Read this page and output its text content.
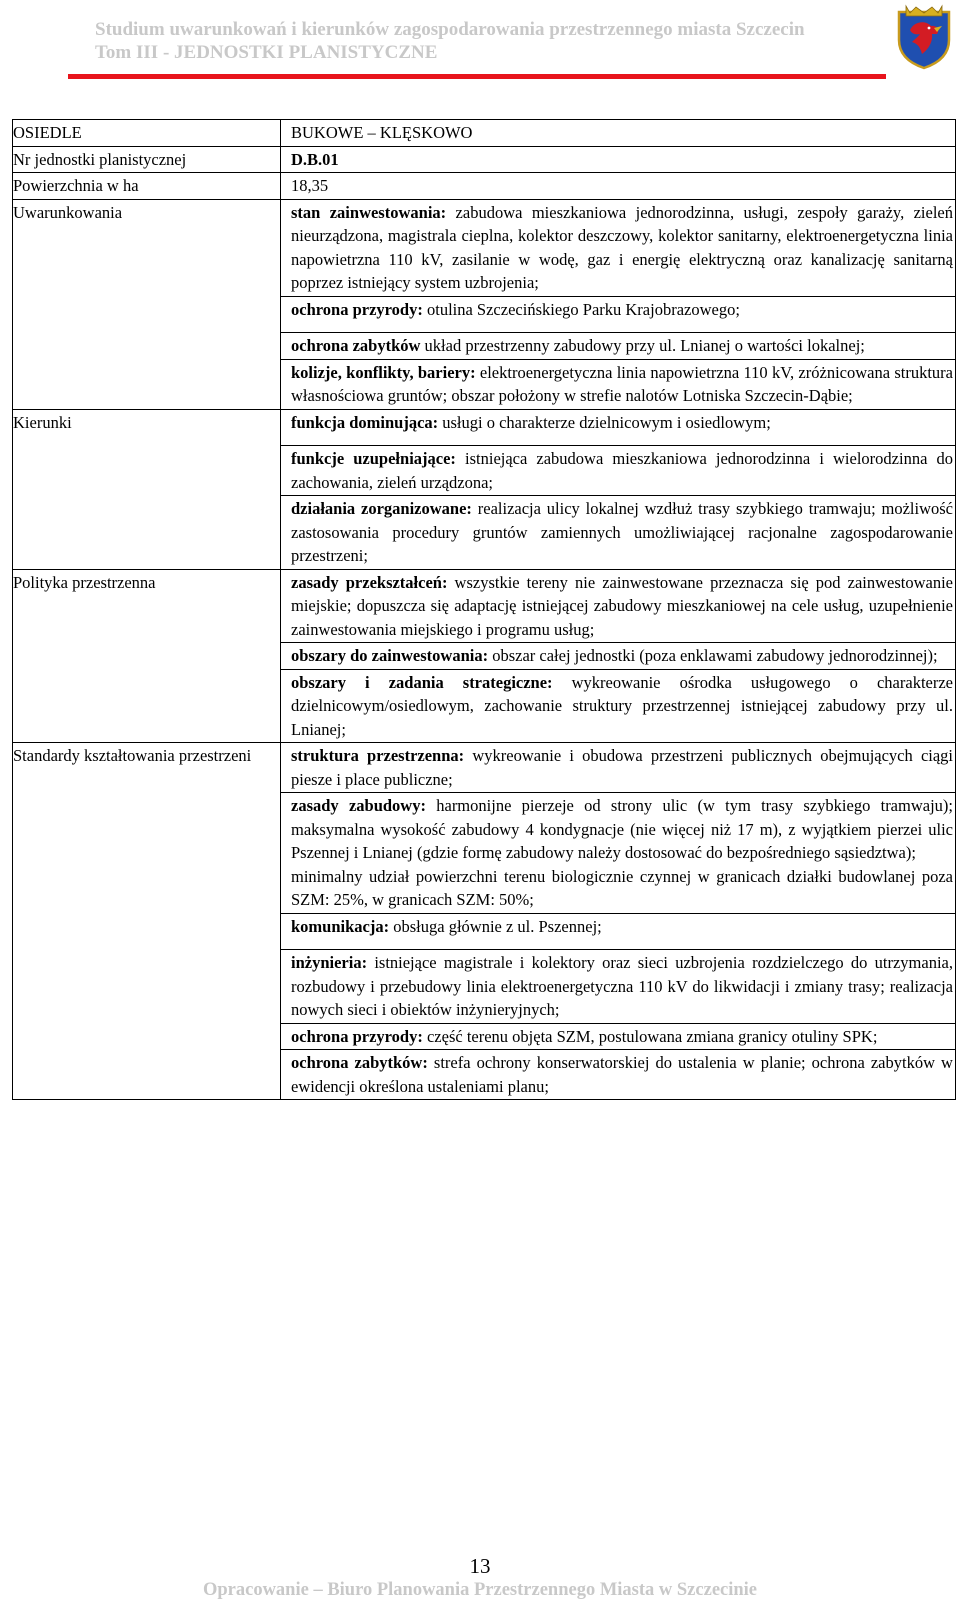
Studium uwarunkowań i kierunków zagospodarowania przestrzennego miasta Szczecin
Tom III - JEDNOSTKI PLANISTYCZNE
OSIEDLE	BUKOWE – KLĘSKOWO
Nr jednostki planistycznej	D.B.01
Powierzchnia w ha	18,35
Uwarunkowania	stan zainwestowania: zabudowa mieszkaniowa jednorodzinna, usługi, zespoły garaży, zieleń nieurządzona, magistrala cieplna, kolektor deszczowy, kolektor sanitarny, elektroenergetyczna linia napowietrzna 110 kV, zasilanie w wodę, gaz i energię elektryczną oraz kanalizację sanitarną poprzez istniejący system uzbrojenia;
	ochrona przyrody: otulina Szczecińskiego Parku Krajobrazowego;

	ochrona zabytków układ przestrzenny zabudowy przy ul. Lnianej o wartości lokalnej;
	kolizje, konflikty, bariery: elektroenergetyczna linia napowietrzna 110 kV, zróżnicowana struktura własnościowa gruntów; obszar położony w strefie nalotów Lotniska Szczecin-Dąbie;
Kierunki	funkcja dominująca: usługi o charakterze dzielnicowym i osiedlowym;

	funkcje uzupełniające: istniejąca zabudowa mieszkaniowa jednorodzinna i wielorodzinna do zachowania, zieleń urządzona;
	działania zorganizowane: realizacja ulicy lokalnej wzdłuż trasy szybkiego tramwaju; możliwość zastosowania procedury gruntów zamiennych umożliwiającej racjonalne zagospodarowanie przestrzeni;
Polityka przestrzenna	zasady przekształceń: wszystkie tereny nie zainwestowane przeznacza się pod zainwestowanie miejskie; dopuszcza się adaptację istniejącej zabudowy mieszkaniowej na cele usług, uzupełnienie zainwestowania miejskiego i programu usług;
	obszary do zainwestowania: obszar całej jednostki (poza enklawami zabudowy jednorodzinnej);
	obszary i zadania strategiczne: wykreowanie ośrodka usługowego o charakterze dzielnicowym/osiedlowym, zachowanie struktury przestrzennej istniejącej zabudowy przy ul. Lnianej;
Standardy kształtowania przestrzeni	struktura przestrzenna: wykreowanie i obudowa przestrzeni publicznych obejmujących ciągi piesze i place publiczne;
	zasady zabudowy: harmonijne pierzeje od strony ulic (w tym trasy szybkiego tramwaju); maksymalna wysokość zabudowy 4 kondygnacje (nie więcej niż 17 m), z wyjątkiem pierzei ulic Pszennej i Lnianej (gdzie formę zabudowy należy dostosować do bezpośredniego sąsiedztwa);
minimalny udział powierzchni terenu biologicznie czynnej w granicach działki budowlanej poza SZM: 25%, w granicach SZM: 50%;
	komunikacja: obsługa głównie z ul. Pszennej;

	inżynieria: istniejące magistrale i kolektory oraz sieci uzbrojenia rozdzielczego do utrzymania, rozbudowy i przebudowy linia elektroenergetyczna 110 kV do likwidacji i zmiany trasy; realizacja nowych sieci i obiektów inżynieryjnych;
	ochrona przyrody: część terenu objęta SZM, postulowana zmiana granicy otuliny SPK;
	ochrona zabytków: strefa ochrony konserwatorskiej do ustalenia w planie; ochrona zabytków w ewidencji określona ustaleniami planu;
13
Opracowanie – Biuro Planowania Przestrzennego Miasta w Szczecinie
